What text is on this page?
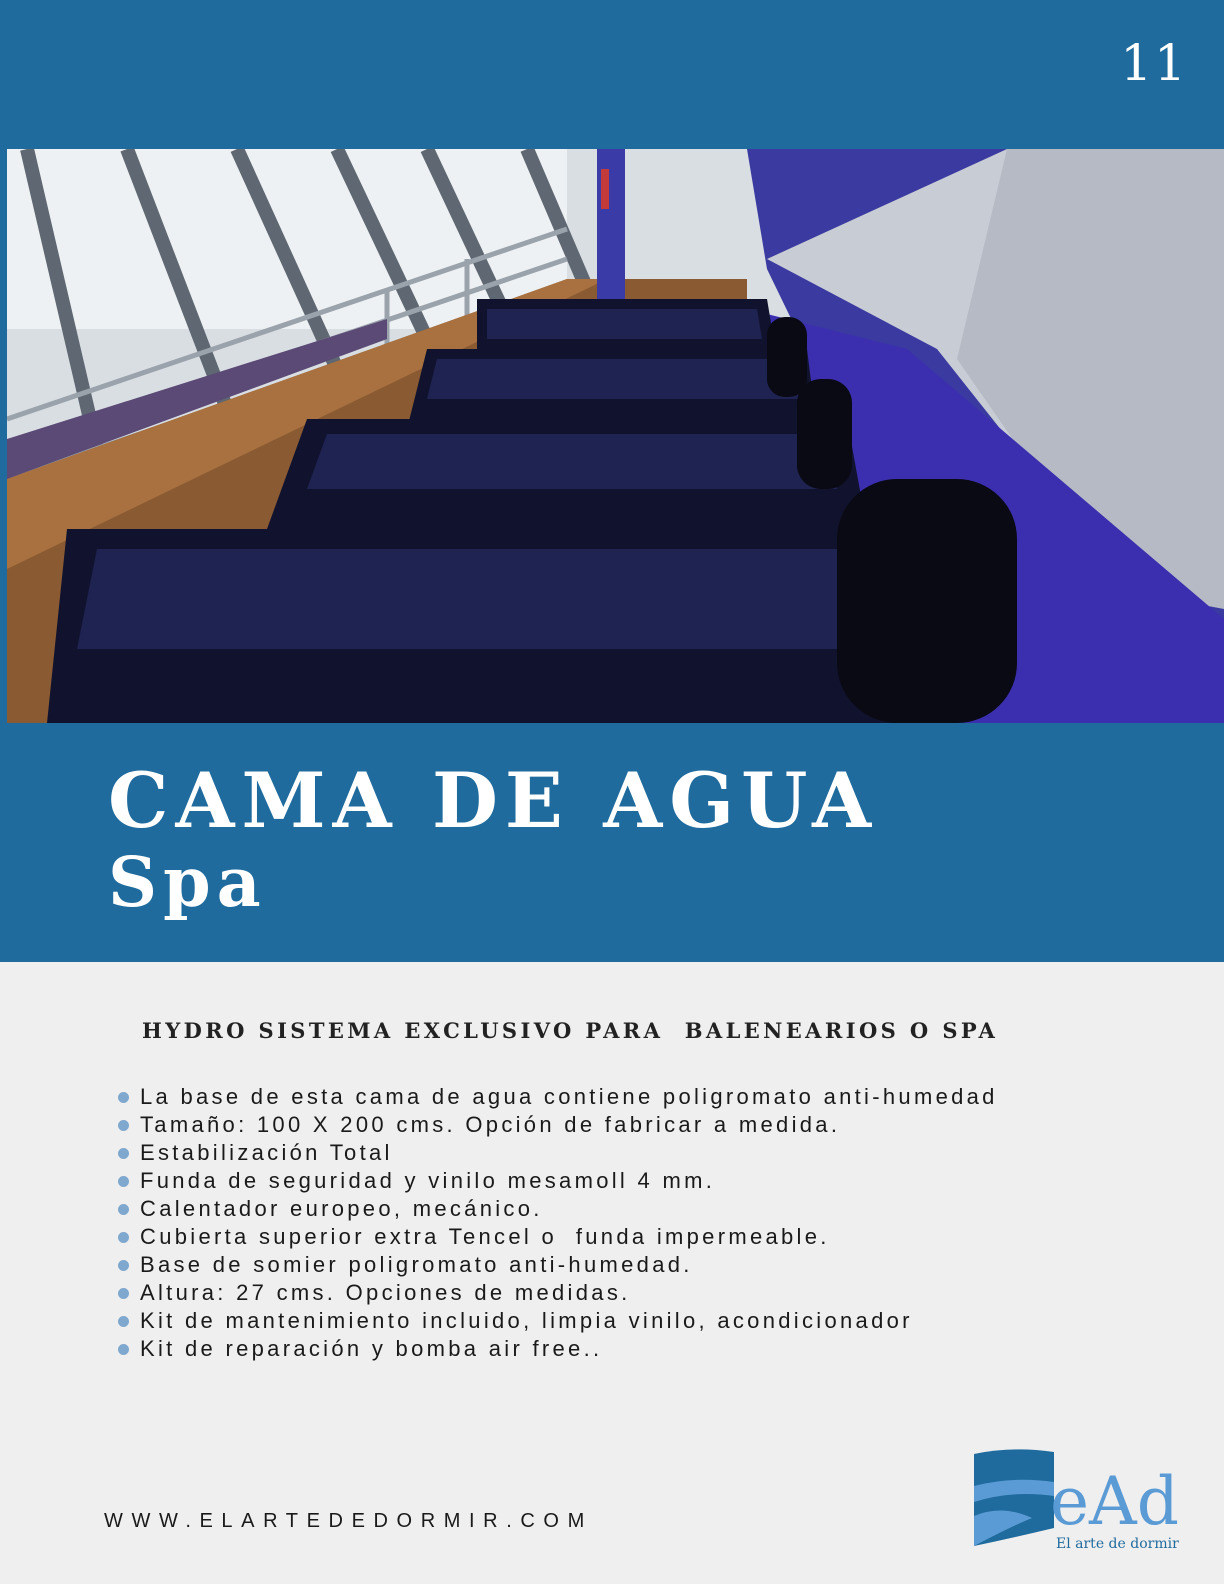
11
CAMA DE AGUA
Spa
HYDRO SISTEMA EXCLUSIVO PARA  BALENEARIOS O SPA
La base de esta cama de agua contiene poligromato anti-humedad
Tamaño: 100 X 200 cms. Opción de fabricar a medida.
Estabilización Total
Funda de seguridad y vinilo mesamoll 4 mm.
Calentador europeo, mecánico.
Cubierta superior extra Tencel o  funda impermeable.
Base de somier poligromato anti-humedad.
Altura: 27 cms. Opciones de medidas.
Kit de mantenimiento incluido, limpia vinilo, acondicionador
Kit de reparación y bomba air free..
WWW.ELARTEDEDORMIR.COM	eAd
El arte de dormir
